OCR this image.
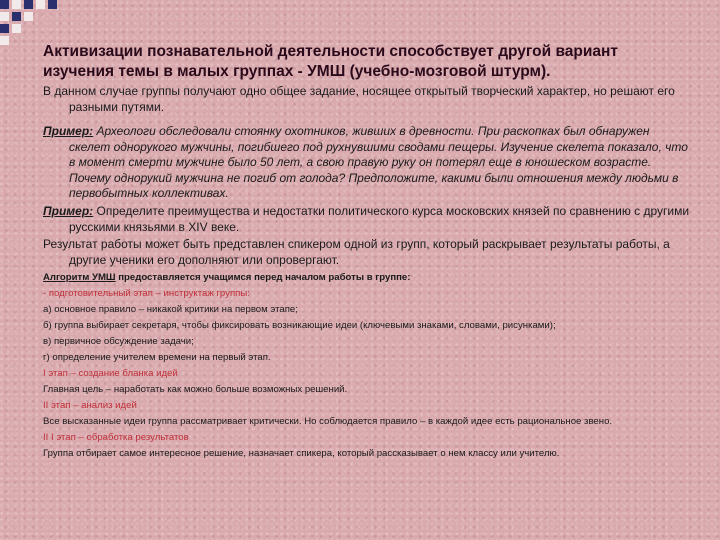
Активизации познавательной деятельности способствует другой вариант изучения темы в малых группах - УМШ (учебно-мозговой штурм).

В данном случае группы получают одно общее задание, носящее открытый творческий характер, но решают его разными путями.

Пример: Археологи обследовали стоянку охотников, живших в древности. При раскопках был обнаружен скелет однорукого мужчины, погибшего под рухнувшими сводами пещеры. Изучение скелета показало, что в момент смерти мужчине было 50 лет, а свою правую руку он потерял еще в юношеском возрасте. Почему однорукий мужчина не погиб от голода? Предположите, какими были отношения между людьми в первобытных коллективах.

Пример: Определите преимущества и недостатки политического курса московских князей по сравнению с другими русскими князьями в XIV веке.

Результат работы может быть представлен спикером одной из групп, который раскрывает результаты работы, а другие ученики его дополняют или опровергают.

Алгоритм УМШ предоставляется учащимся перед началом работы в группе:

- подготовительный этап – инструктаж группы:

а) основное правило – никакой критики на первом этапе;

б) группа выбирает секретаря, чтобы фиксировать возникающие идеи (ключевыми знаками, словами, рисунками);

в) первичное обсуждение задачи;

г) определение учителем времени на первый этап.

I этап – создание бланка идей

Главная цель – наработать как можно больше возможных решений.

II этап – анализ идей

Все высказанные идеи группа рассматривает критически. Но соблюдается правило – в каждой идее есть рациональное звено.

II I этап – обработка результатов

Группа отбирает самое интересное решение, назначает спикера, который рассказывает о нем классу или учителю.
